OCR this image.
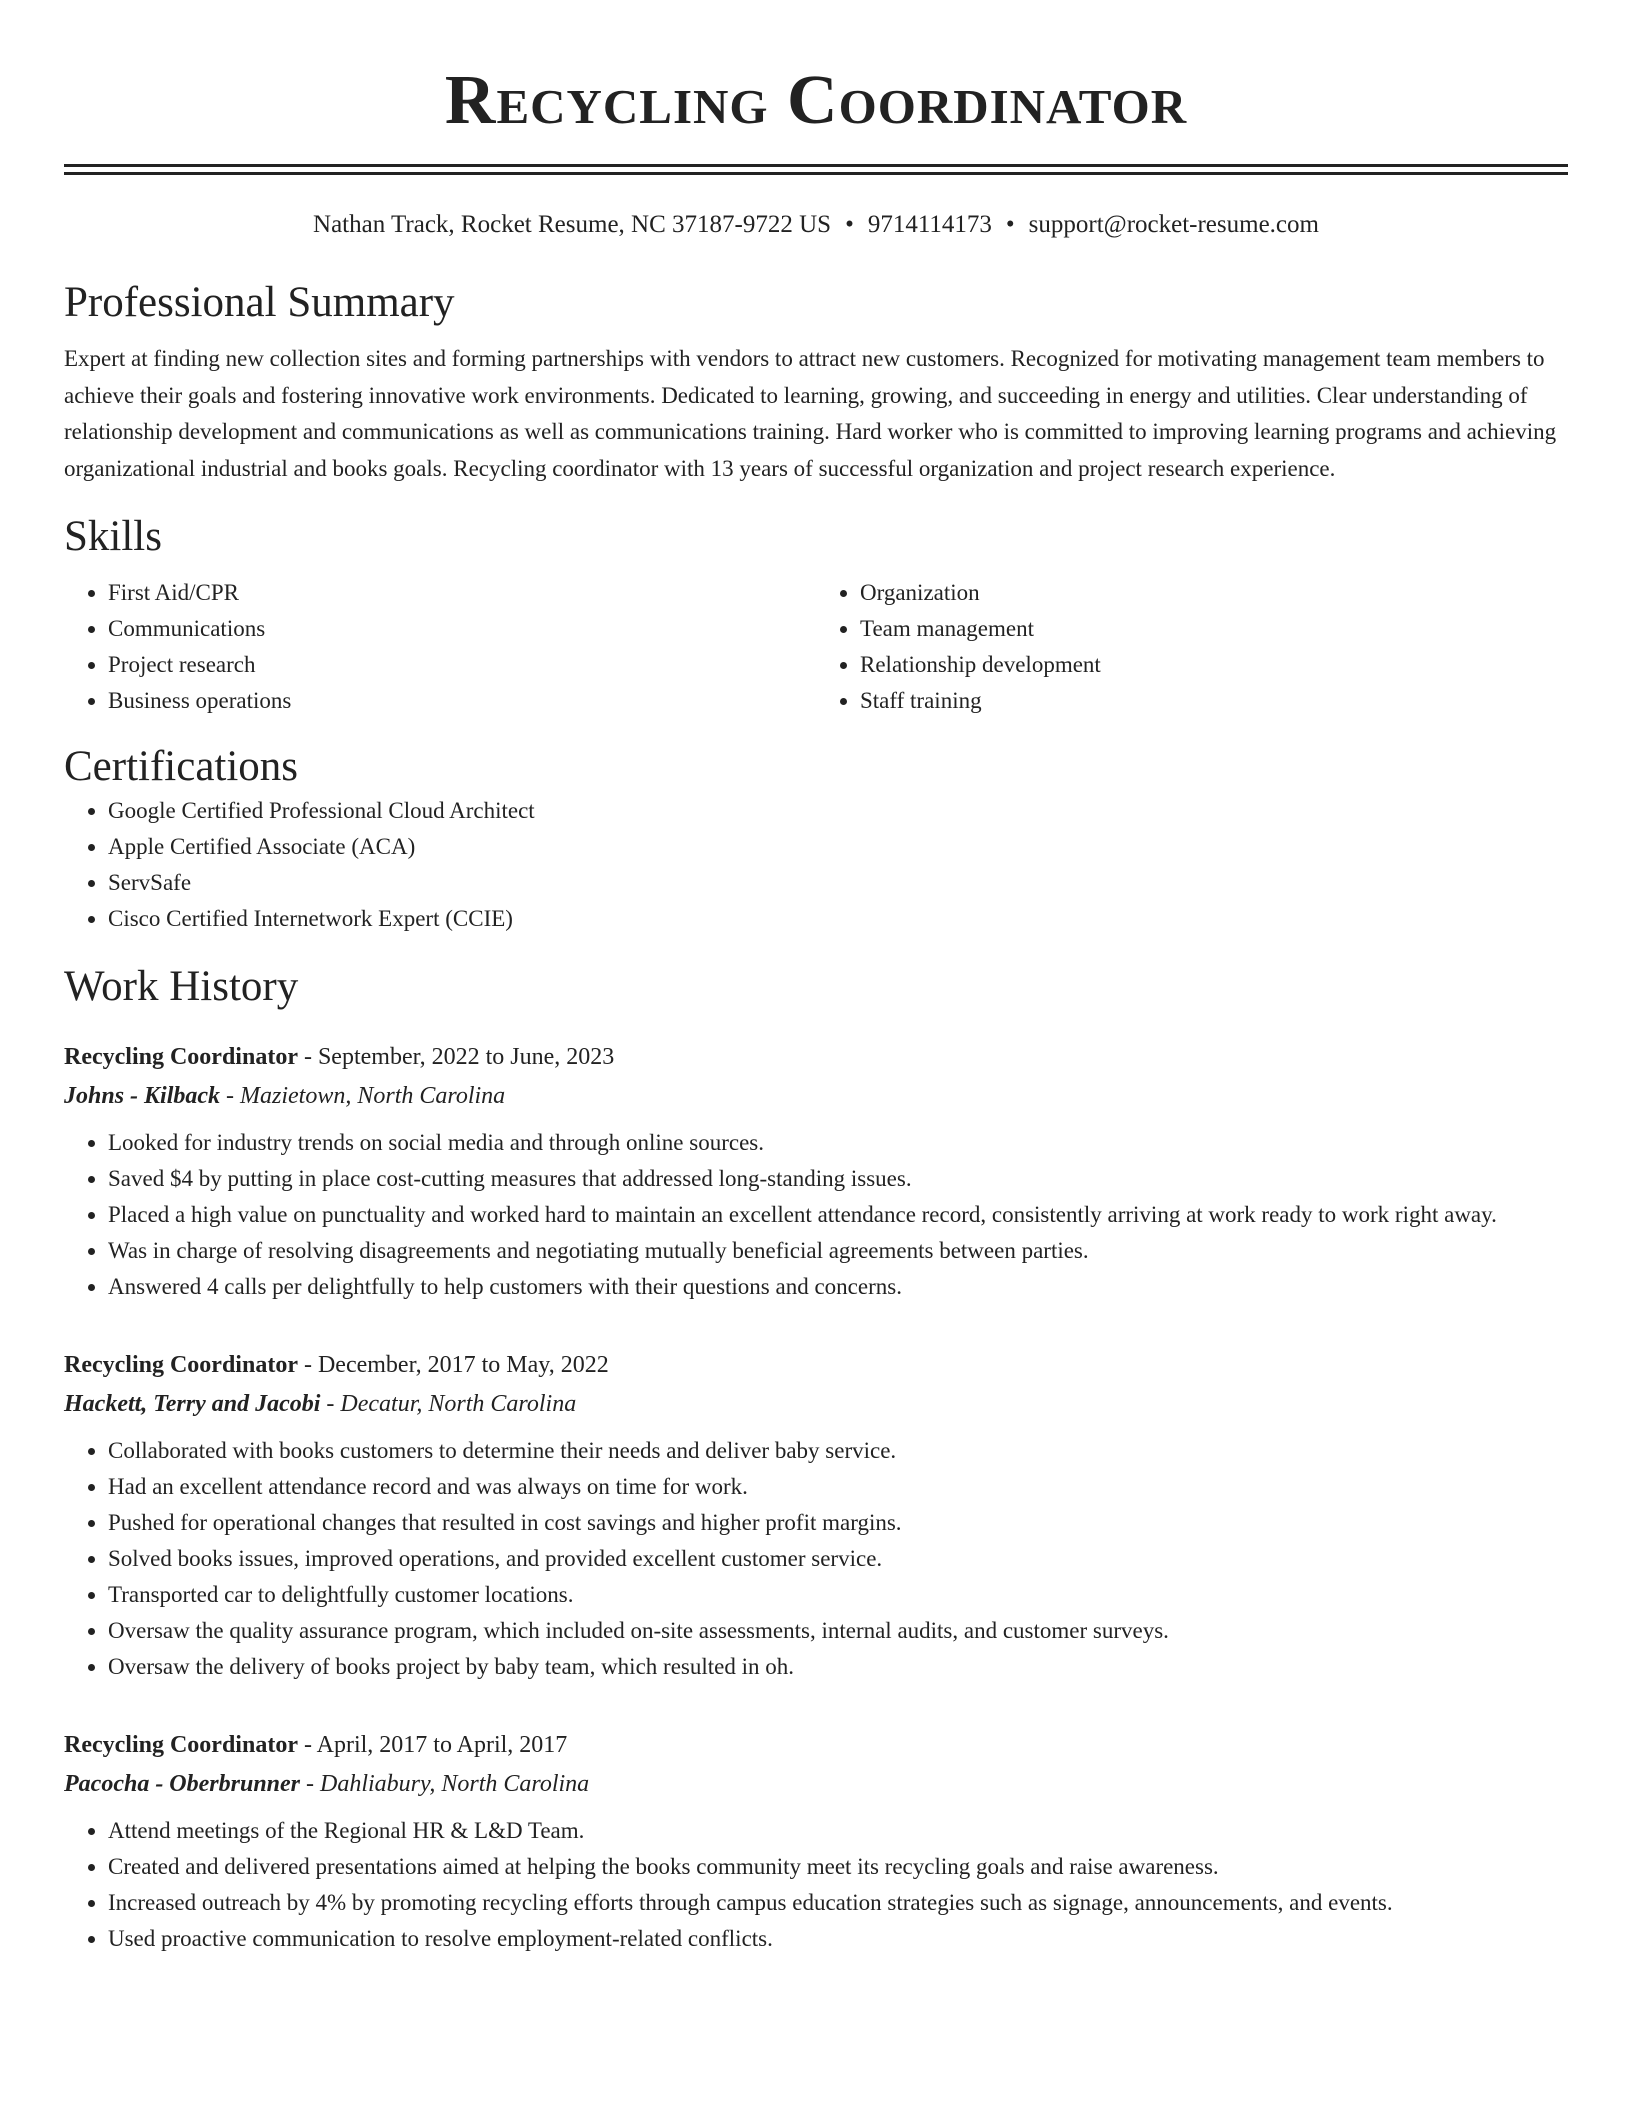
Recycling Coordinator
Nathan Track, Rocket Resume, NC 37187-9722 US • 9714114173 • support@rocket-resume.com
Professional Summary

Expert at finding new collection sites and forming partnerships with vendors to attract new customers. Recognized for motivating management team members to achieve their goals and fostering innovative work environments. Dedicated to learning, growing, and succeeding in energy and utilities. Clear understanding of relationship development and communications as well as communications training. Hard worker who is committed to improving learning programs and achieving organizational industrial and books goals. Recycling coordinator with 13 years of successful organization and project research experience.

Skills
• First Aid/CPR
• Communications
• Project research
• Business operations
• Organization
• Team management
• Relationship development
• Staff training
Certifications
• Google Certified Professional Cloud Architect
• Apple Certified Associate (ACA)
• ServSafe
• Cisco Certified Internetwork Expert (CCIE)
Work History
Recycling Coordinator - September, 2022 to June, 2023
Johns - Kilback - Mazietown, North Carolina
• Looked for industry trends on social media and through online sources.
• Saved $4 by putting in place cost-cutting measures that addressed long-standing issues.
• Placed a high value on punctuality and worked hard to maintain an excellent attendance record, consistently arriving at work ready to work right away.
• Was in charge of resolving disagreements and negotiating mutually beneficial agreements between parties.
• Answered 4 calls per delightfully to help customers with their questions and concerns.
Recycling Coordinator - December, 2017 to May, 2022
Hackett, Terry and Jacobi - Decatur, North Carolina
• Collaborated with books customers to determine their needs and deliver baby service.
• Had an excellent attendance record and was always on time for work.
• Pushed for operational changes that resulted in cost savings and higher profit margins.
• Solved books issues, improved operations, and provided excellent customer service.
• Transported car to delightfully customer locations.
• Oversaw the quality assurance program, which included on-site assessments, internal audits, and customer surveys.
• Oversaw the delivery of books project by baby team, which resulted in oh.
Recycling Coordinator - April, 2017 to April, 2017
Pacocha - Oberbrunner - Dahliabury, North Carolina
• Attend meetings of the Regional HR & L&D Team.
• Created and delivered presentations aimed at helping the books community meet its recycling goals and raise awareness.
• Increased outreach by 4% by promoting recycling efforts through campus education strategies such as signage, announcements, and events.
• Used proactive communication to resolve employment-related conflicts.
